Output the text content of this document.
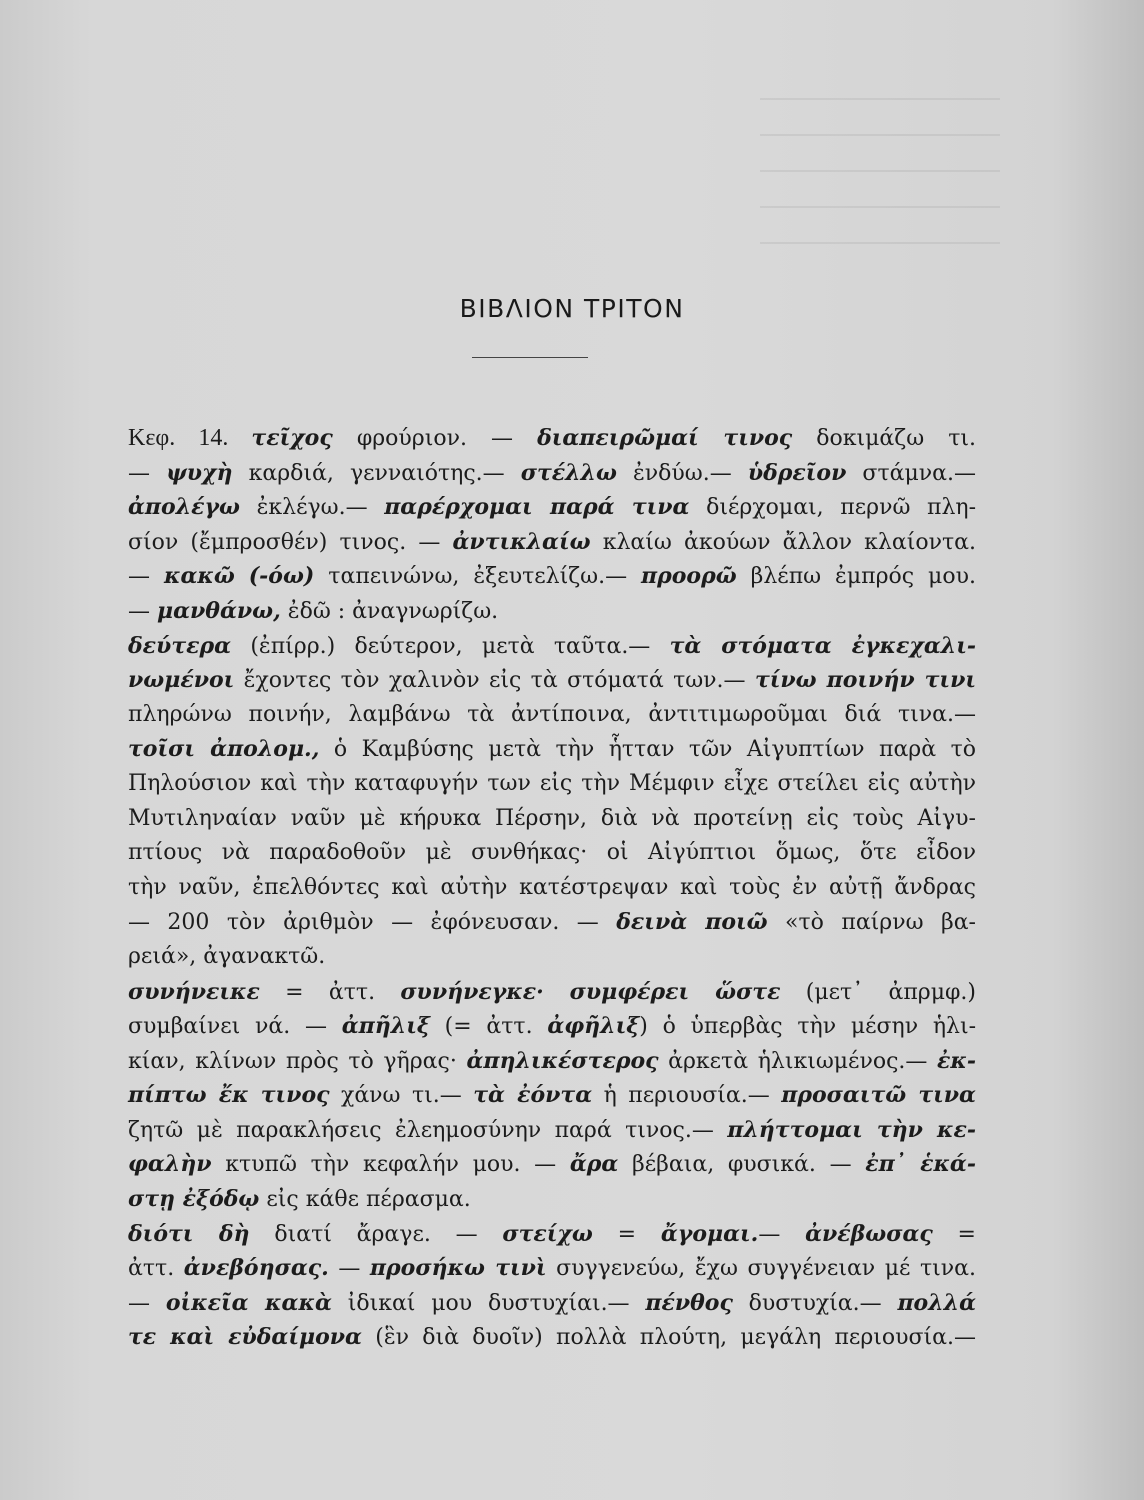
ΒΙΒΛΙΟΝ ΤΡΙΤΟΝ
Κεφ. 14. τεῖχος φρούριον. — διαπειρῶμαί τινος δοκιμάζω τι.
— ψυχὴ καρδιά, γενναιότης.— στέλλω ἐνδύω.— ὑδρεῖον στάμνα.—
ἀπολέγω ἐκλέγω.— παρέρχομαι παρά τινα διέρχομαι, περνῶ πλη-
σίον (ἔμπροσθέν) τινος. — ἀντικλαίω κλαίω ἀκούων ἄλλον κλαίοντα.
— κακῶ (-όω) ταπεινώνω, ἐξευτελίζω.— προορῶ βλέπω ἐμπρός μου.
— μανθάνω, ἐδῶ : ἀναγνωρίζω.
δεύτερα (ἐπίρρ.) δεύτερον, μετὰ ταῦτα.— τὰ στόματα ἐγκεχαλι-
νωμένοι ἔχοντες τὸν χαλινὸν εἰς τὰ στόματά των.— τίνω ποινήν τινι
πληρώνω ποινήν, λαμβάνω τὰ ἀντίποινα, ἀντιτιμωροῦμαι διά τινα.—
τοῖσι ἀπολομ., ὁ Καμβύσης μετὰ τὴν ἧτταν τῶν Αἰγυπτίων παρὰ τὸ
Πηλούσιον καὶ τὴν καταφυγήν των εἰς τὴν Μέμφιν εἶχε στείλει εἰς αὐτὴν
Μυτιληναίαν ναῦν μὲ κήρυκα Πέρσην, διὰ νὰ προτείνῃ εἰς τοὺς Αἰγυ-
πτίους νὰ παραδοθοῦν μὲ συνθήκας· οἱ Αἰγύπτιοι ὅμως, ὅτε εἶδον
τὴν ναῦν, ἐπελθόντες καὶ αὐτὴν κατέστρεψαν καὶ τοὺς ἐν αὐτῇ ἄνδρας
— 200 τὸν ἀριθμὸν — ἐφόνευσαν. — δεινὰ ποιῶ «τὸ παίρνω βα-
ρειά», ἀγανακτῶ.
συνήνεικε = ἀττ. συνήνεγκε· συμφέρει ὥστε (μετ᾽ ἀπρμφ.)
συμβαίνει νά. — ἀπῆλιξ (= ἀττ. ἀφῆλιξ) ὁ ὑπερβὰς τὴν μέσην ἡλι-
κίαν, κλίνων πρὸς τὸ γῆρας· ἀπηλικέστερος ἀρκετὰ ἡλικιωμένος.— ἐκ-
πίπτω ἔκ τινος χάνω τι.— τὰ ἐόντα ἡ περιουσία.— προσαιτῶ τινα
ζητῶ μὲ παρακλήσεις ἐλεημοσύνην παρά τινος.— πλήττομαι τὴν κε-
φαλὴν κτυπῶ τὴν κεφαλήν μου. — ἄρα βέβαια, φυσικά. — ἐπ᾽ ἑκά-
στῃ ἐξόδῳ εἰς κάθε πέρασμα.
διότι δὴ διατί ἄραγε. — στείχω = ἄγομαι.— ἀνέβωσας =
ἀττ. ἀνεβόησας. — προσήκω τινὶ συγγενεύω, ἔχω συγγένειαν μέ τινα.
— οἰκεῖα κακὰ ἰδικαί μου δυστυχίαι.— πένθος δυστυχία.— πολλά
τε καὶ εὐδαίμονα (ἓν διὰ δυοῖν) πολλὰ πλούτη, μεγάλη περιουσία.—
